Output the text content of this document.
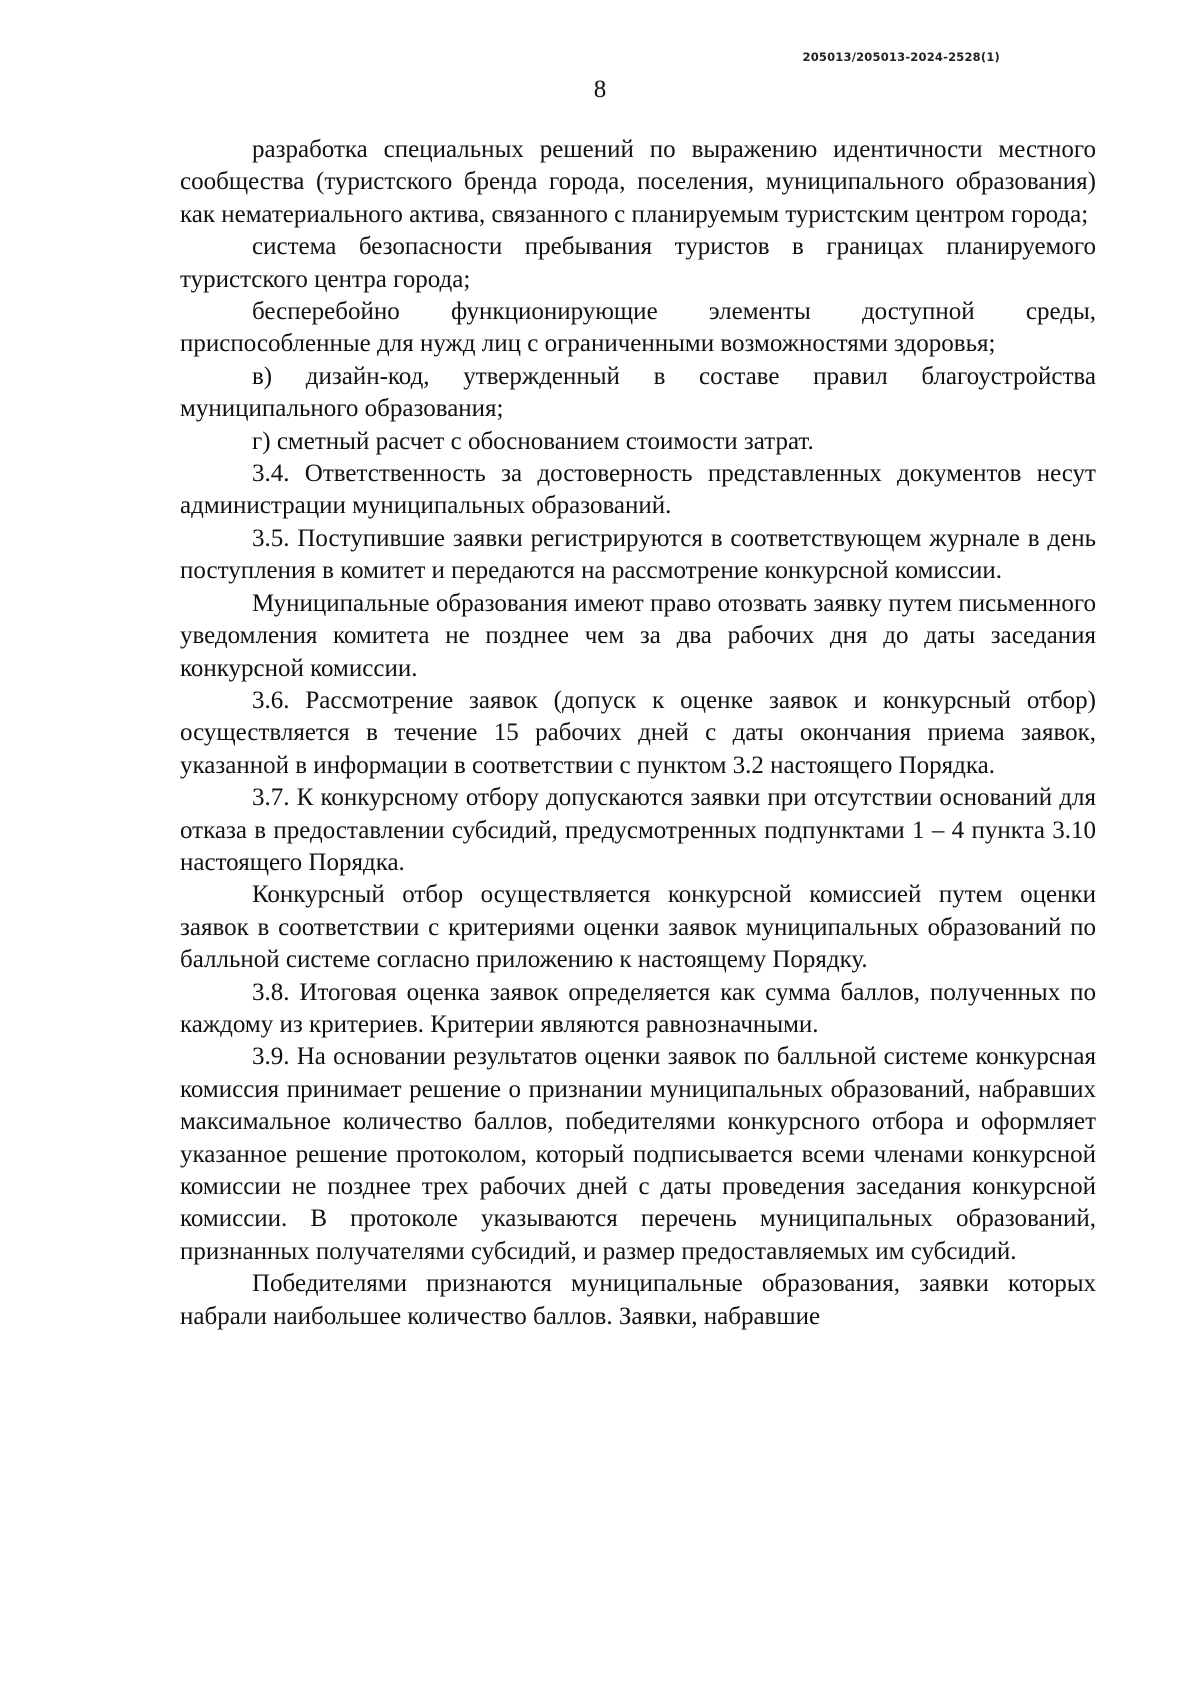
205013/205013-2024-2528(1)
8

разработка специальных решений по выражению идентичности местного сообщества (туристского бренда города, поселения, муниципального образования) как нематериального актива, связанного с планируемым туристским центром города;

система безопасности пребывания туристов в границах планируемого туристского центра города;

бесперебойно функционирующие элементы доступной среды, приспособленные для нужд лиц с ограниченными возможностями здоровья;

в) дизайн-код, утвержденный в составе правил благоустройства муниципального образования;

г) сметный расчет с обоснованием стоимости затрат.

3.4. Ответственность за достоверность представленных документов несут администрации муниципальных образований.

3.5. Поступившие заявки регистрируются в соответствующем журнале в день поступления в комитет и передаются на рассмотрение конкурсной комиссии.

Муниципальные образования имеют право отозвать заявку путем письменного уведомления комитета не позднее чем за два рабочих дня до даты заседания конкурсной комиссии.

3.6. Рассмотрение заявок (допуск к оценке заявок и конкурсный отбор) осуществляется в течение 15 рабочих дней с даты окончания приема заявок, указанной в информации в соответствии с пунктом 3.2 настоящего Порядка.

3.7. К конкурсному отбору допускаются заявки при отсутствии оснований для отказа в предоставлении субсидий, предусмотренных подпунктами 1 – 4 пункта 3.10 настоящего Порядка.

Конкурсный отбор осуществляется конкурсной комиссией путем оценки заявок в соответствии с критериями оценки заявок муниципальных образований по балльной системе согласно приложению к настоящему Порядку.

3.8. Итоговая оценка заявок определяется как сумма баллов, полученных по каждому из критериев. Критерии являются равнозначными.

3.9. На основании результатов оценки заявок по балльной системе конкурсная комиссия принимает решение о признании муниципальных образований, набравших максимальное количество баллов, победителями конкурсного отбора и оформляет указанное решение протоколом, который подписывается всеми членами конкурсной комиссии не позднее трех рабочих дней с даты проведения заседания конкурсной комиссии. В протоколе указываются перечень муниципальных образований, признанных получателями субсидий, и размер предоставляемых им субсидий.

Победителями признаются муниципальные образования, заявки которых набрали наибольшее количество баллов. Заявки, набравшие
